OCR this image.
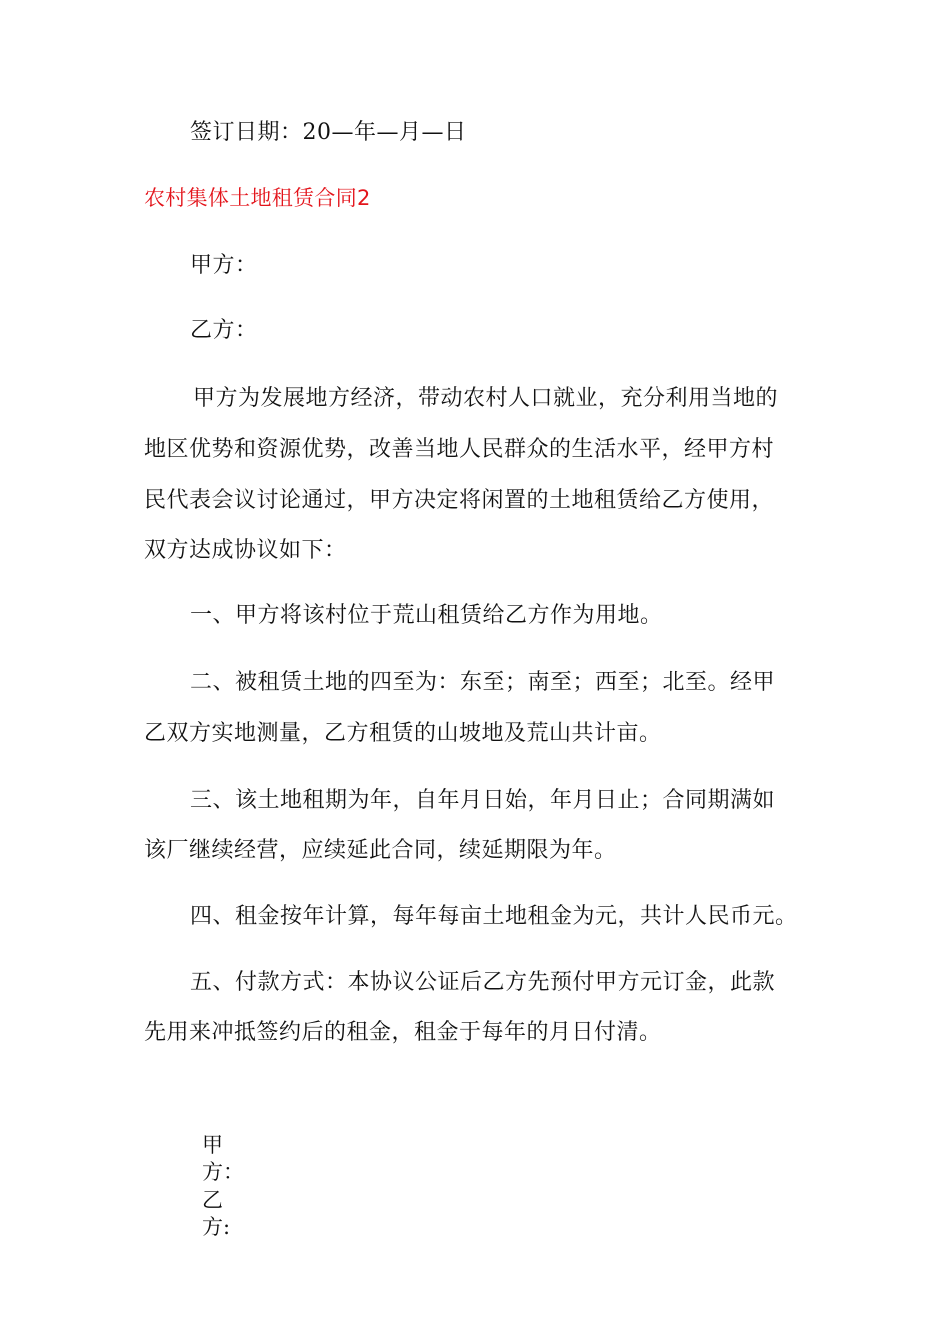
签订日期：20—年—月—日
农村集体土地租赁合同2
甲方：
乙方：
甲方为发展地方经济，带动农村人口就业，充分利用当地的
地区优势和资源优势，改善当地人民群众的生活水平，经甲方村
民代表会议讨论通过，甲方决定将闲置的土地租赁给乙方使用，
双方达成协议如下：
一、甲方将该村位于荒山租赁给乙方作为用地。
二、被租赁土地的四至为：东至；南至；西至；北至。经甲
乙双方实地测量，乙方租赁的山坡地及荒山共计亩。
三、该土地租期为年，自年月日始，年月日止；合同期满如
该厂继续经营，应续延此合同，续延期限为年。
四、租金按年计算，每年每亩土地租金为元，共计人民币元。
五、付款方式：本协议公证后乙方先预付甲方元订金，此款
先用来冲抵签约后的租金，租金于每年的月日付清。
甲
方：
乙
方:
